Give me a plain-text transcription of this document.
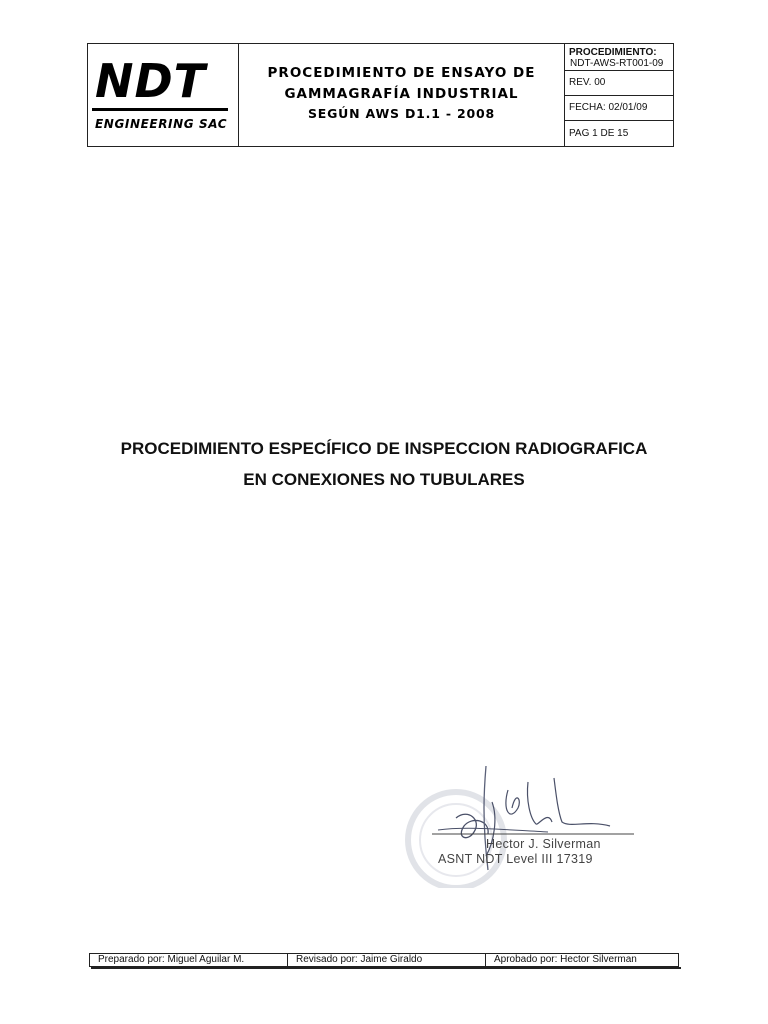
NDT
ENGINEERING SAC
PROCEDIMIENTO DE ENSAYO DE
GAMMAGRAFÍA INDUSTRIAL
SEGÚN AWS D1.1 - 2008
PROCEDIMIENTO:
NDT-AWS-RT001-09
REV. 00
FECHA: 02/01/09
PAG 1 DE 15
PROCEDIMIENTO ESPECÍFICO DE INSPECCION RADIOGRAFICA
EN CONEXIONES NO TUBULARES
Hector J. Silverman
ASNT NDT Level III 17319
Preparado por: Miguel Aguilar M.	Revisado por: Jaime Giraldo	Aprobado por: Hector Silverman
